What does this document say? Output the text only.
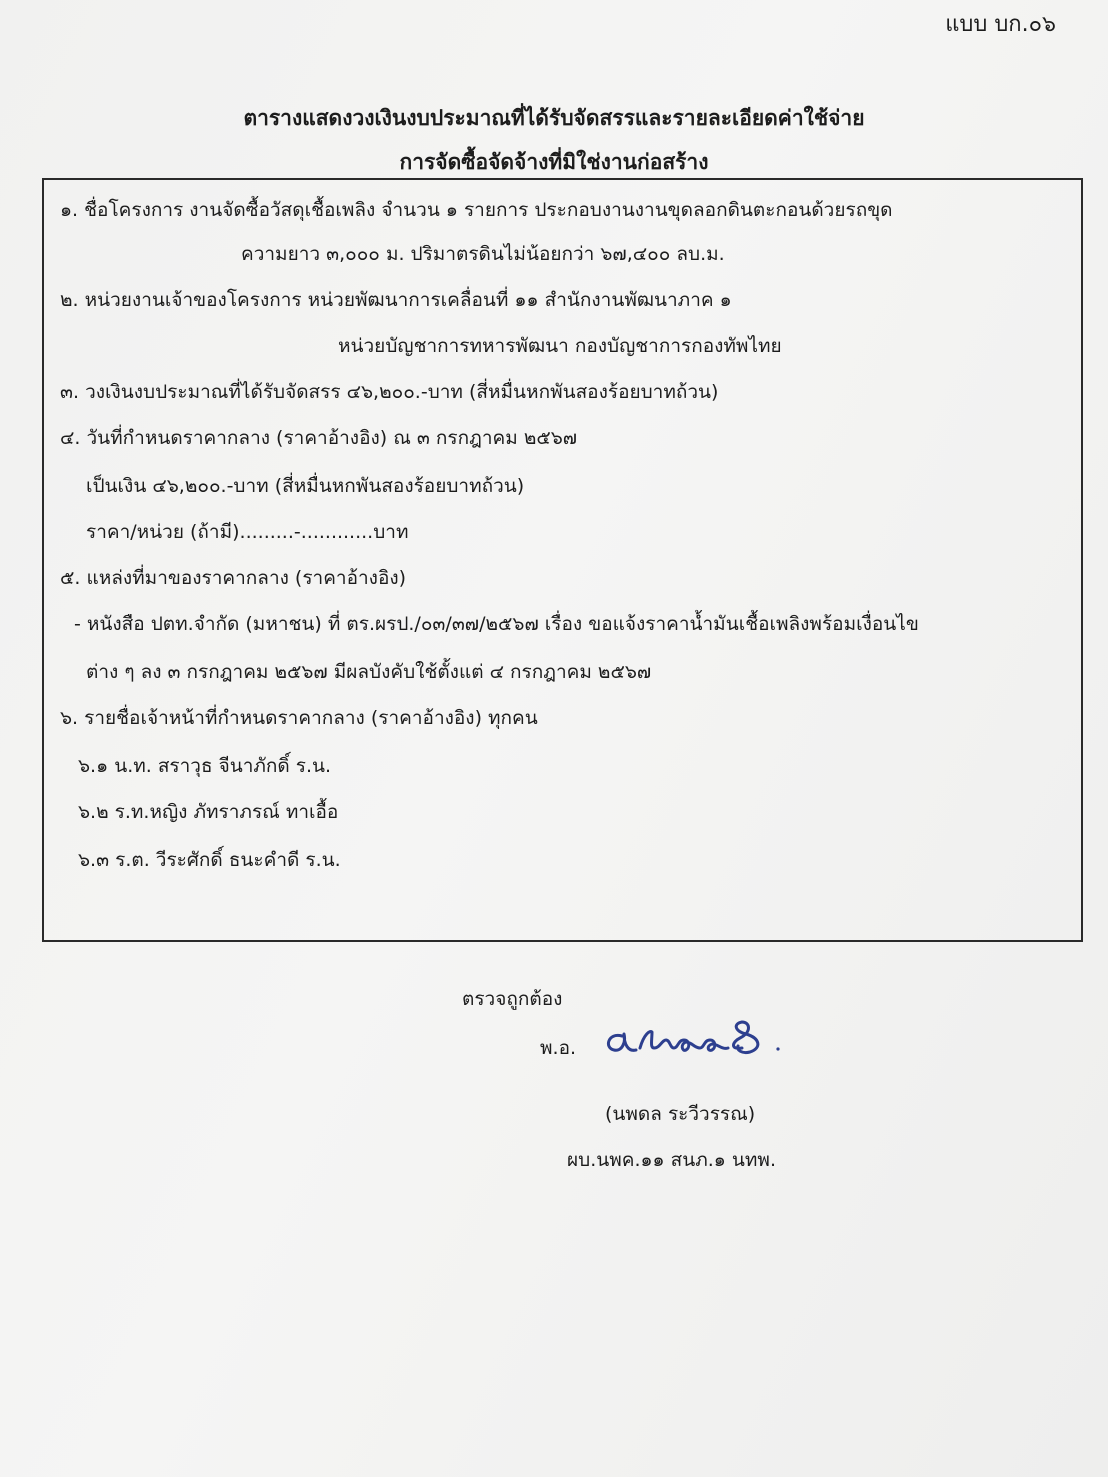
แบบ บก.๐๖
ตารางแสดงวงเงินงบประมาณที่ได้รับจัดสรรและรายละเอียดค่าใช้จ่าย
การจัดซื้อจัดจ้างที่มิใช่งานก่อสร้าง
๑. ชื่อโครงการ งานจัดซื้อวัสดุเชื้อเพลิง จำนวน ๑ รายการ ประกอบงานงานขุดลอกดินตะกอนด้วยรถขุด
ความยาว ๓,๐๐๐ ม. ปริมาตรดินไม่น้อยกว่า ๖๗,๔๐๐ ลบ.ม.
๒. หน่วยงานเจ้าของโครงการ หน่วยพัฒนาการเคลื่อนที่ ๑๑ สำนักงานพัฒนาภาค ๑
หน่วยบัญชาการทหารพัฒนา กองบัญชาการกองทัพไทย
๓. วงเงินงบประมาณที่ได้รับจัดสรร ๔๖,๒๐๐.-บาท (สี่หมื่นหกพันสองร้อยบาทถ้วน)
๔. วันที่กำหนดราคากลาง (ราคาอ้างอิง) ณ ๓ กรกฎาคม ๒๕๖๗
เป็นเงิน ๔๖,๒๐๐.-บาท (สี่หมื่นหกพันสองร้อยบาทถ้วน)
ราคา/หน่วย (ถ้ามี).........-............บาท
๕. แหล่งที่มาของราคากลาง (ราคาอ้างอิง)
- หนังสือ ปตท.จำกัด (มหาชน) ที่ ตร.ผรป./๐๓/๓๗/๒๕๖๗ เรื่อง ขอแจ้งราคาน้ำมันเชื้อเพลิงพร้อมเงื่อนไข
ต่าง ๆ ลง ๓ กรกฎาคม ๒๕๖๗ มีผลบังคับใช้ตั้งแต่ ๔ กรกฎาคม ๒๕๖๗
๖. รายชื่อเจ้าหน้าที่กำหนดราคากลาง (ราคาอ้างอิง) ทุกคน
๖.๑ น.ท. สราวุธ จีนาภักดิ์ ร.น.
๖.๒ ร.ท.หญิง ภัทราภรณ์ ทาเอื้อ
๖.๓ ร.ต. วีระศักดิ์ ธนะคำดี ร.น.
ตรวจถูกต้อง
พ.อ.
(นพดล ระวีวรรณ)
ผบ.นพค.๑๑ สนภ.๑ นทพ.
